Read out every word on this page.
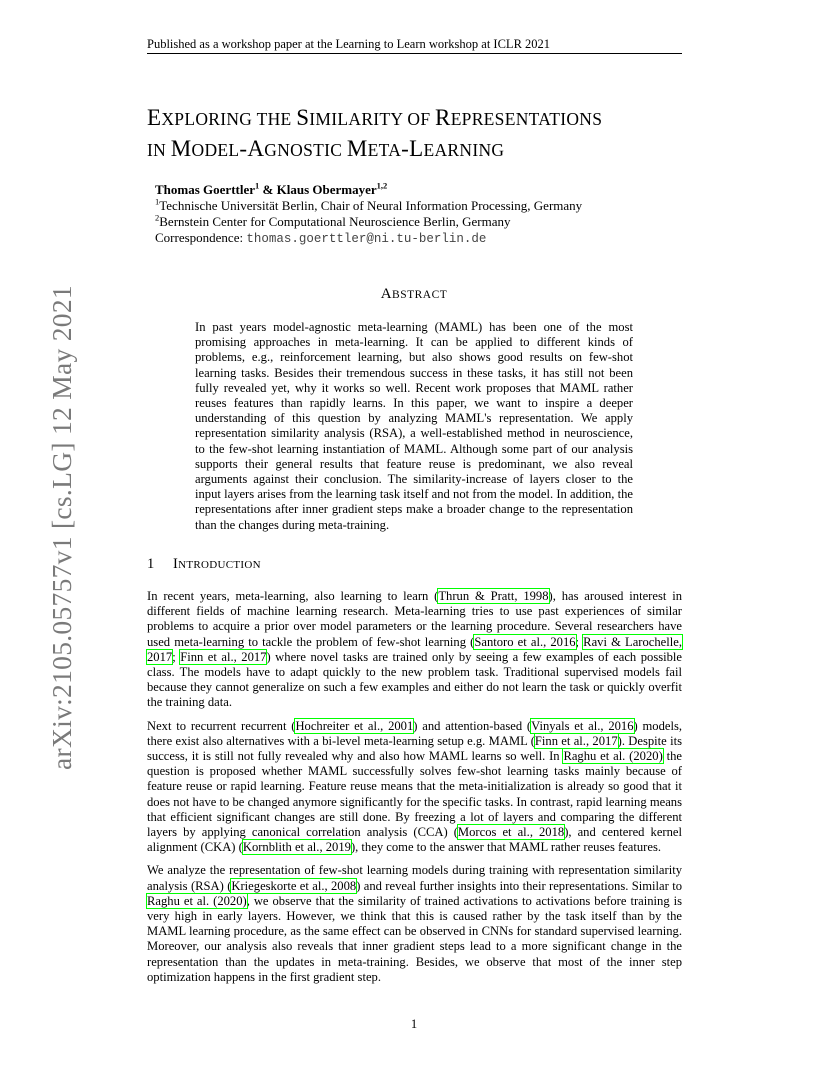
Published as a workshop paper at the Learning to Learn workshop at ICLR 2021
arXiv:2105.05757v1 [cs.LG] 12 May 2021
EXPLORING THE SIMILARITY OF REPRESENTATIONS
IN MODEL-AGNOSTIC META-LEARNING
Thomas Goerttler$^1$ & Klaus Obermayer$^{1,2}$
$^1$Technische Universität Berlin, Chair of Neural Information Processing, Germany
$^2$Bernstein Center for Computational Neuroscience Berlin, Germany
Correspondence: thomas.goerttler@ni.tu-berlin.de
ABSTRACT
In past years model-agnostic meta-learning (MAML) has been one of the most promising approaches in meta-learning. It can be applied to different kinds of problems, e.g., reinforcement learning, but also shows good results on few-shot learning tasks. Besides their tremendous success in these tasks, it has still not been fully revealed yet, why it works so well. Recent work proposes that MAML rather reuses features than rapidly learns. In this paper, we want to inspire a deeper understanding of this question by analyzing MAML's representation. We apply representation similarity analysis (RSA), a well-established method in neuroscience, to the few-shot learning instantiation of MAML. Although some part of our analysis supports their general results that feature reuse is predominant, we also reveal arguments against their conclusion. The similarity-increase of layers closer to the input layers arises from the learning task itself and not from the model. In addition, the representations after inner gradient steps make a broader change to the representation than the changes during meta-training.
1 INTRODUCTION

In recent years, meta-learning, also learning to learn (Thrun & Pratt, 1998), has aroused interest in different fields of machine learning research. Meta-learning tries to use past experiences of similar problems to acquire a prior over model parameters or the learning procedure. Several researchers have used meta-learning to tackle the problem of few-shot learning (Santoro et al., 2016; Ravi & Larochelle, 2017; Finn et al., 2017) where novel tasks are trained only by seeing a few examples of each possible class. The models have to adapt quickly to the new problem task. Traditional supervised models fail because they cannot generalize on such a few examples and either do not learn the task or quickly overfit the training data.

Next to recurrent recurrent (Hochreiter et al., 2001) and attention-based (Vinyals et al., 2016) models, there exist also alternatives with a bi-level meta-learning setup e.g. MAML (Finn et al., 2017). Despite its success, it is still not fully revealed why and also how MAML learns so well. In Raghu et al. (2020) the question is proposed whether MAML successfully solves few-shot learning tasks mainly because of feature reuse or rapid learning. Feature reuse means that the meta-initialization is already so good that it does not have to be changed anymore significantly for the specific tasks. In contrast, rapid learning means that efficient significant changes are still done. By freezing a lot of layers and comparing the different layers by applying canonical correlation analysis (CCA) (Morcos et al., 2018), and centered kernel alignment (CKA) (Kornblith et al., 2019), they come to the answer that MAML rather reuses features.

We analyze the representation of few-shot learning models during training with representation similarity analysis (RSA) (Kriegeskorte et al., 2008) and reveal further insights into their representations. Similar to Raghu et al. (2020), we observe that the similarity of trained activations to activations before training is very high in early layers. However, we think that this is caused rather by the task itself than by the MAML learning procedure, as the same effect can be observed in CNNs for standard supervised learning. Moreover, our analysis also reveals that inner gradient steps lead to a more significant change in the representation than the updates in meta-training. Besides, we observe that most of the inner step optimization happens in the first gradient step.

1
